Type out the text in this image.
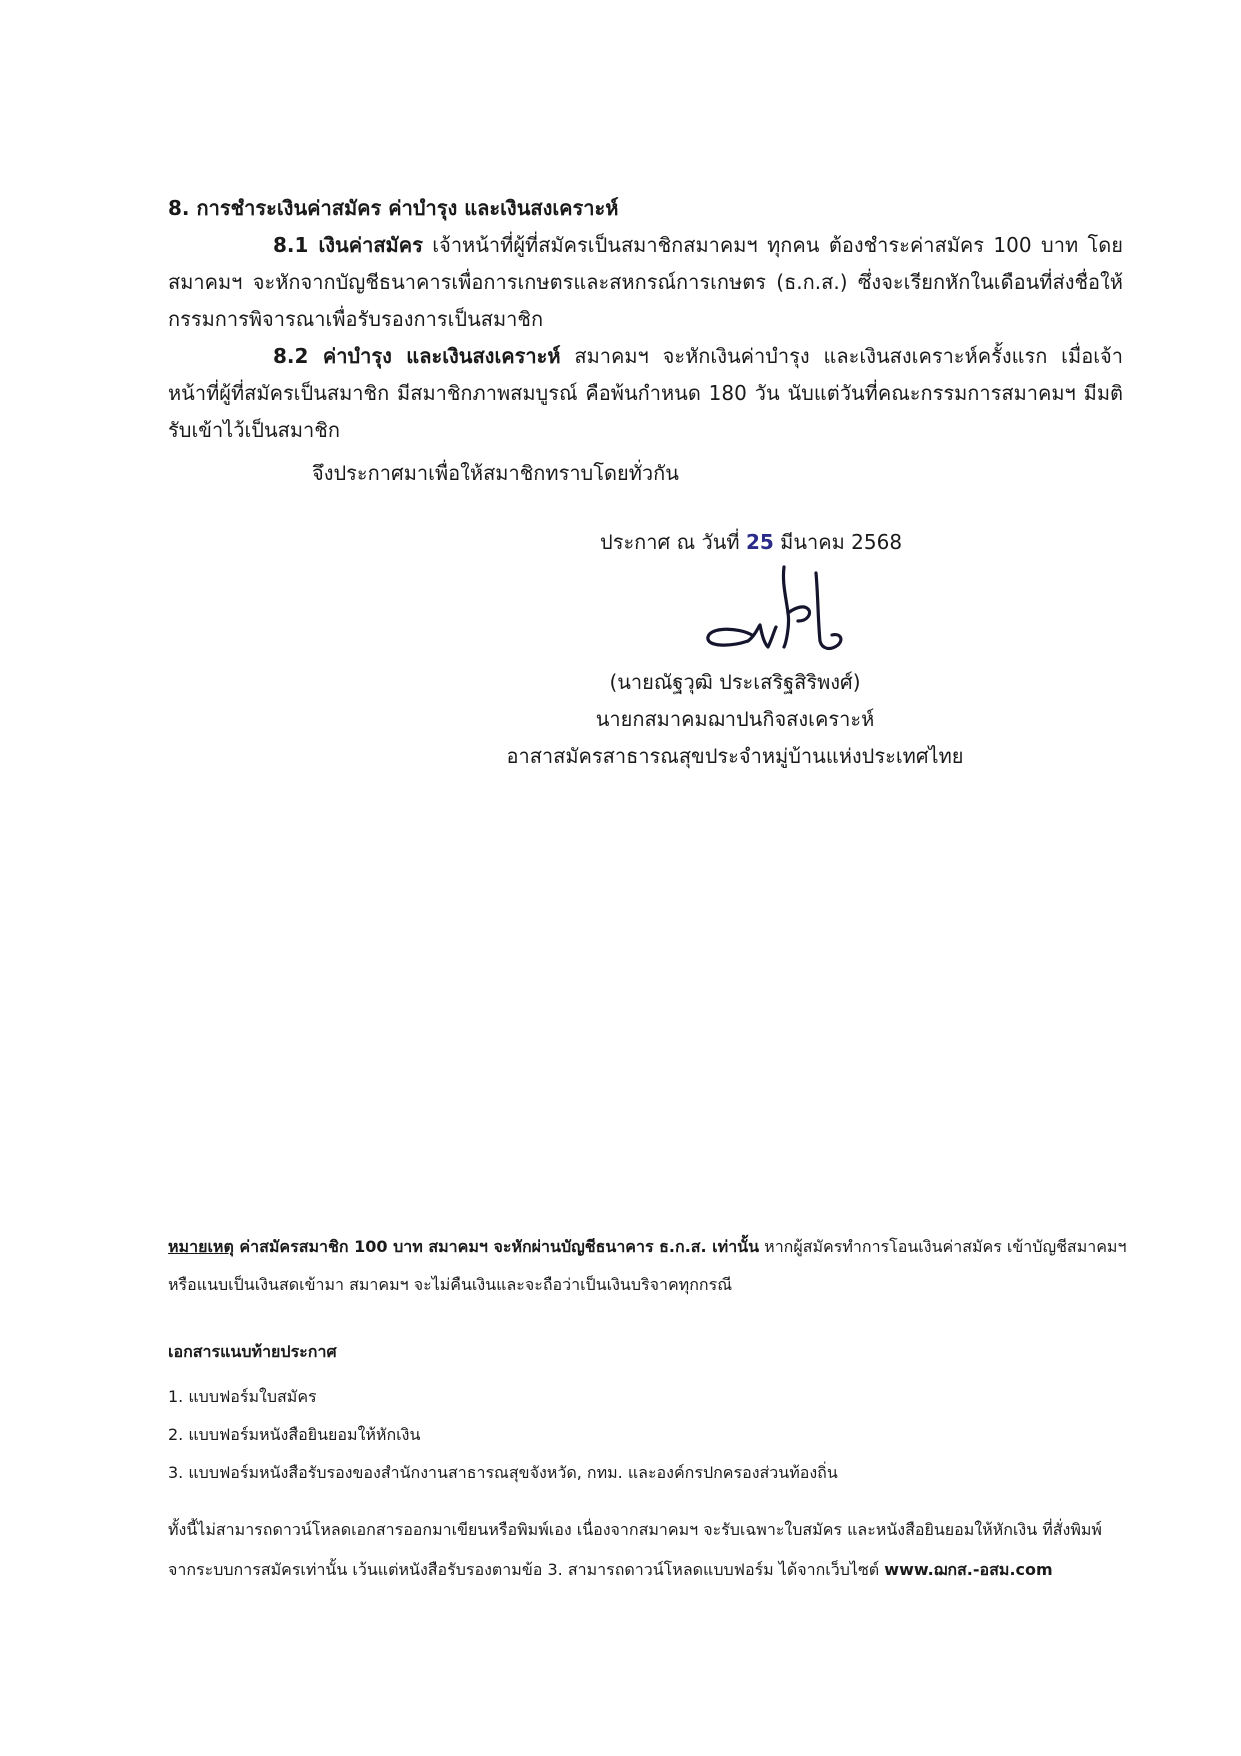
8. การชำระเงินค่าสมัคร ค่าบำรุง และเงินสงเคราะห์
8.1 เงินค่าสมัคร เจ้าหน้าที่ผู้ที่สมัครเป็นสมาชิกสมาคมฯ ทุกคน ต้องชำระค่าสมัคร 100 บาท โดยสมาคมฯ จะหักจากบัญชีธนาคารเพื่อการเกษตรและสหกรณ์การเกษตร (ธ.ก.ส.) ซึ่งจะเรียกหักในเดือนที่ส่งชื่อให้กรรมการพิจารณาเพื่อรับรองการเป็นสมาชิก
8.2 ค่าบำรุง และเงินสงเคราะห์ สมาคมฯ จะหักเงินค่าบำรุง และเงินสงเคราะห์ครั้งแรก เมื่อเจ้าหน้าที่ผู้ที่สมัครเป็นสมาชิก มีสมาชิกภาพสมบูรณ์ คือพ้นกำหนด 180 วัน นับแต่วันที่คณะกรรมการสมาคมฯ มีมติรับเข้าไว้เป็นสมาชิก
จึงประกาศมาเพื่อให้สมาชิกทราบโดยทั่วกัน
ประกาศ ณ วันที่ 25 มีนาคม 2568
(นายณัฐวุฒิ ประเสริฐสิริพงศ์)
นายกสมาคมฌาปนกิจสงเคราะห์
อาสาสมัครสาธารณสุขประจำหมู่บ้านแห่งประเทศไทย
หมายเหตุ ค่าสมัครสมาชิก 100 บาท สมาคมฯ จะหักผ่านบัญชีธนาคาร ธ.ก.ส. เท่านั้น หากผู้สมัครทำการโอนเงินค่าสมัคร เข้าบัญชีสมาคมฯ หรือแนบเป็นเงินสดเข้ามา สมาคมฯ จะไม่คืนเงินและจะถือว่าเป็นเงินบริจาคทุกกรณี
เอกสารแนบท้ายประกาศ
1. แบบฟอร์มใบสมัคร
2. แบบฟอร์มหนังสือยินยอมให้หักเงิน
3. แบบฟอร์มหนังสือรับรองของสำนักงานสาธารณสุขจังหวัด, กทม. และองค์กรปกครองส่วนท้องถิ่น
ทั้งนี้ไม่สามารถดาวน์โหลดเอกสารออกมาเขียนหรือพิมพ์เอง เนื่องจากสมาคมฯ จะรับเฉพาะใบสมัคร และหนังสือยินยอมให้หักเงิน ที่สั่งพิมพ์จากระบบการสมัครเท่านั้น เว้นแต่หนังสือรับรองตามข้อ 3. สามารถดาวน์โหลดแบบฟอร์ม ได้จากเว็บไซต์ www.ฌกส.-อสม.com
